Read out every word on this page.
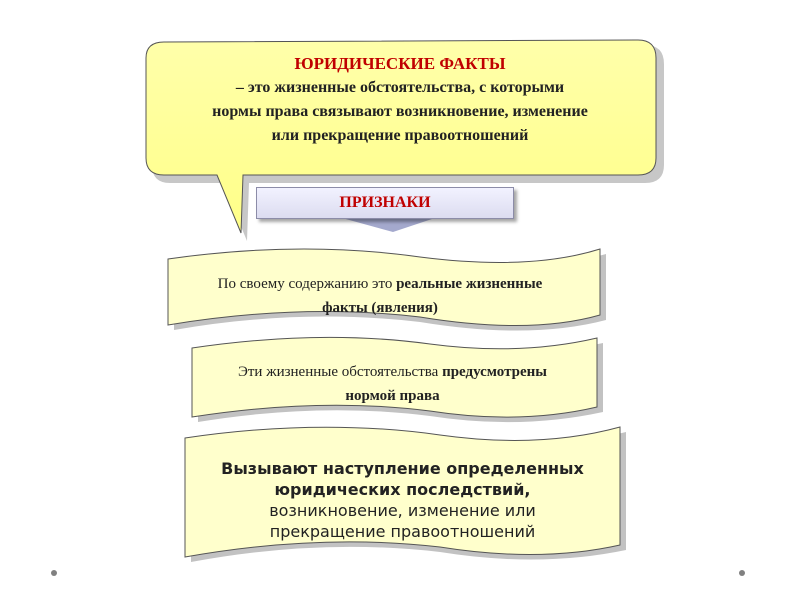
ЮРИДИЧЕСКИЕ ФАКТЫ
– это жизненные обстоятельства, с которыми
нормы права связывают возникновение, изменение
или прекращение правоотношений
ПРИЗНАКИ
По своему содержанию это реальные жизненные
факты (явления)
Эти жизненные обстоятельства предусмотрены
нормой права
Вызывают наступление определенных
юридических последствий,
возникновение, изменение или
прекращение правоотношений
